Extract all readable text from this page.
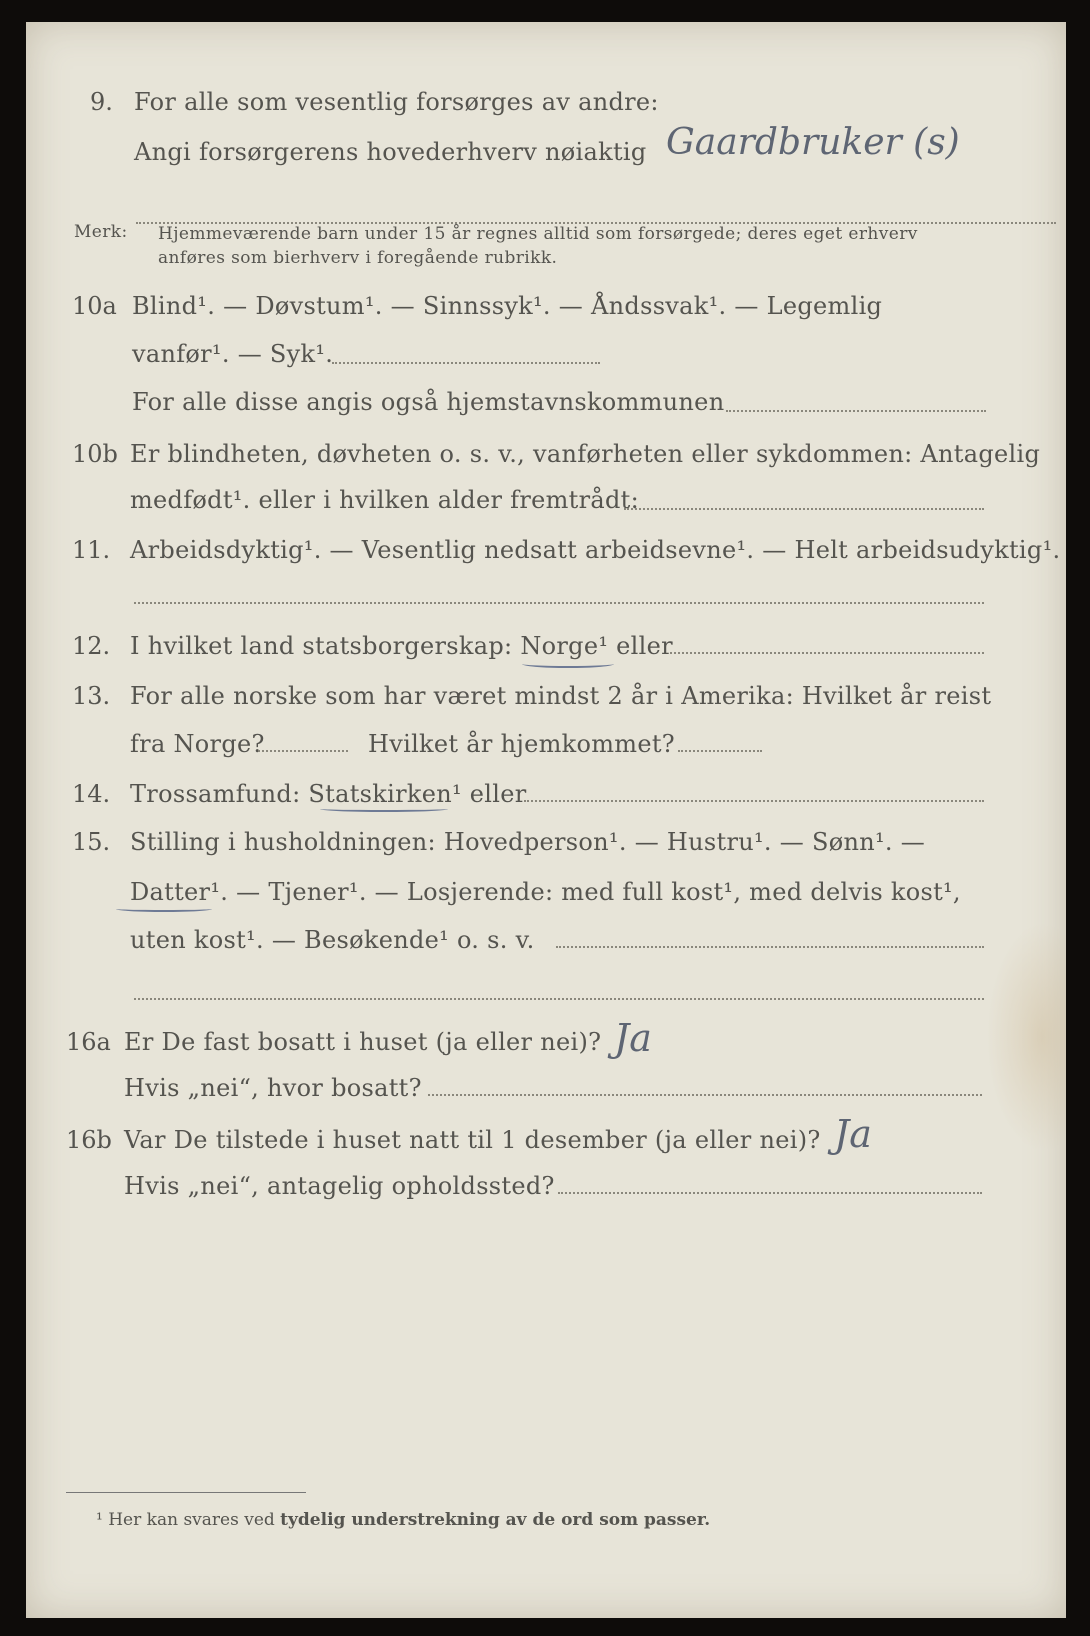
9. For alle som vesentlig forsørges av andre:
Angi forsørgerens hovederhverv nøiaktig Gaardbruker (s)
Merk: Hjemmeværende barn under 15 år regnes alltid som forsørgede; deres eget erhverv
anføres som bierhverv i foregående rubrikk.
10a Blind¹. — Døvstum¹. — Sinnssyk¹. — Åndssvak¹. — Legemlig
vanfør¹. — Syk¹.
For alle disse angis også hjemstavnskommunen
10b Er blindheten, døvheten o. s. v., vanførheten eller sykdommen: Antagelig
medfødt¹. eller i hvilken alder fremtrådt:
11. Arbeidsdyktig¹. — Vesentlig nedsatt arbeidsevne¹. — Helt arbeidsudyktig¹.
12. I hvilket land statsborgerskap: Norge¹ eller
13. For alle norske som har været mindst 2 år i Amerika: Hvilket år reist
fra Norge?	Hvilket år hjemkommet?
14. Trossamfund: Statskirken¹ eller
15. Stilling i husholdningen: Hovedperson¹. — Hustru¹. — Sønn¹. —
Datter¹. — Tjener¹. — Losjerende: med full kost¹, med delvis kost¹,
uten kost¹. — Besøkende¹ o. s. v.
16a Er De fast bosatt i huset (ja eller nei)? Ja
Hvis „nei“, hvor bosatt?
16b Var De tilstede i huset natt til 1 desember (ja eller nei)? Ja
Hvis „nei“, antagelig opholdssted?
¹ Her kan svares ved tydelig understrekning av de ord som passer.
